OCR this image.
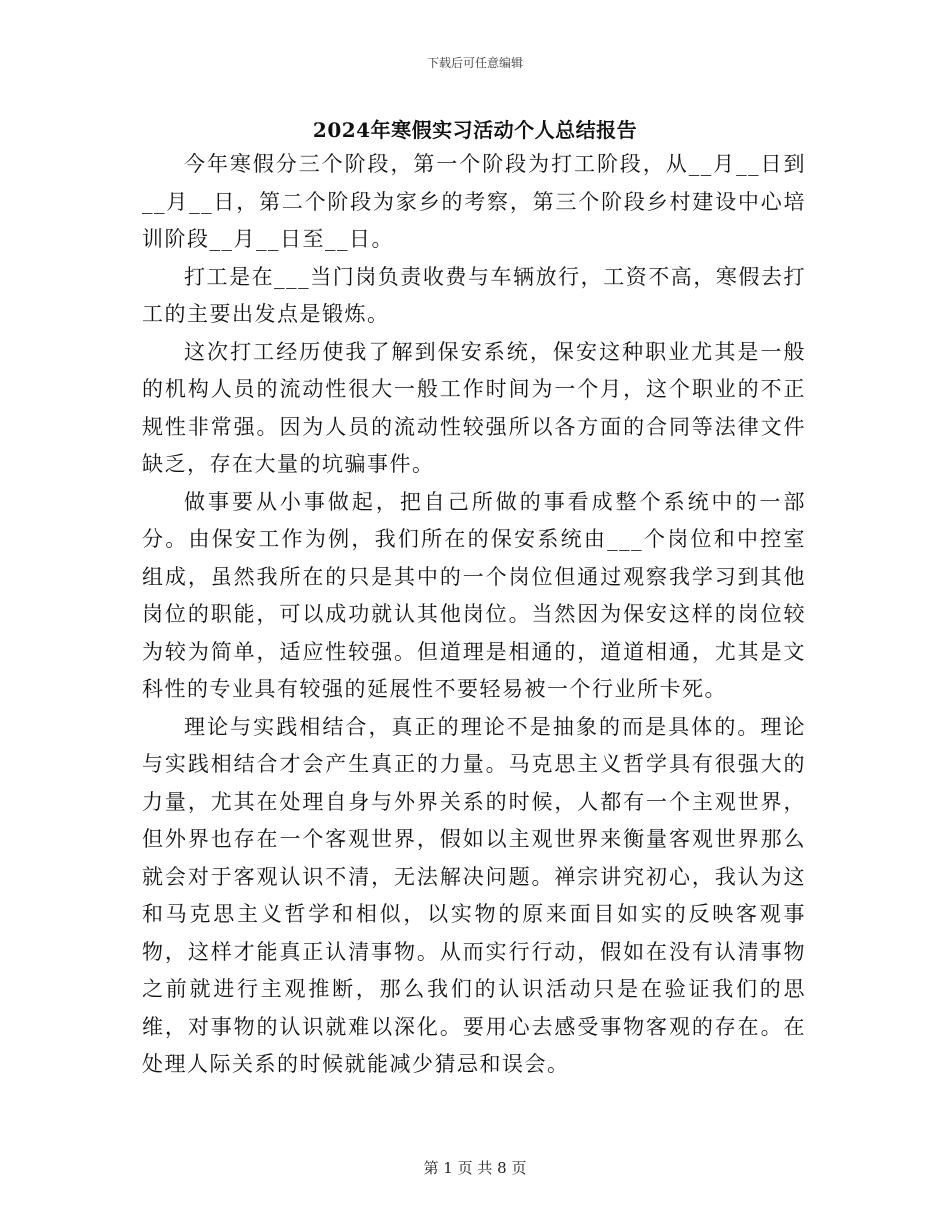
下载后可任意编辑
2024年寒假实习活动个人总结报告

今年寒假分三个阶段，第一个阶段为打工阶段，从__月__日到__月__日，第二个阶段为家乡的考察，第三个阶段乡村建设中心培训阶段__月__日至__日。

打工是在___当门岗负责收费与车辆放行，工资不高，寒假去打工的主要出发点是锻炼。

这次打工经历使我了解到保安系统，保安这种职业尤其是一般的机构人员的流动性很大一般工作时间为一个月，这个职业的不正规性非常强。因为人员的流动性较强所以各方面的合同等法律文件缺乏，存在大量的坑骗事件。

做事要从小事做起，把自己所做的事看成整个系统中的一部分。由保安工作为例，我们所在的保安系统由___个岗位和中控室组成，虽然我所在的只是其中的一个岗位但通过观察我学习到其他岗位的职能，可以成功就认其他岗位。当然因为保安这样的岗位较为较为简单，适应性较强。但道理是相通的，道道相通，尤其是文科性的专业具有较强的延展性不要轻易被一个行业所卡死。

理论与实践相结合，真正的理论不是抽象的而是具体的。理论与实践相结合才会产生真正的力量。马克思主义哲学具有很强大的力量，尤其在处理自身与外界关系的时候，人都有一个主观世界，但外界也存在一个客观世界，假如以主观世界来衡量客观世界那么就会对于客观认识不清，无法解决问题。禅宗讲究初心，我认为这和马克思主义哲学和相似，以实物的原来面目如实的反映客观事物，这样才能真正认清事物。从而实行行动，假如在没有认清事物之前就进行主观推断，那么我们的认识活动只是在验证我们的思维，对事物的认识就难以深化。要用心去感受事物客观的存在。在处理人际关系的时候就能减少猜忌和误会。

第 1 页 共 8 页
